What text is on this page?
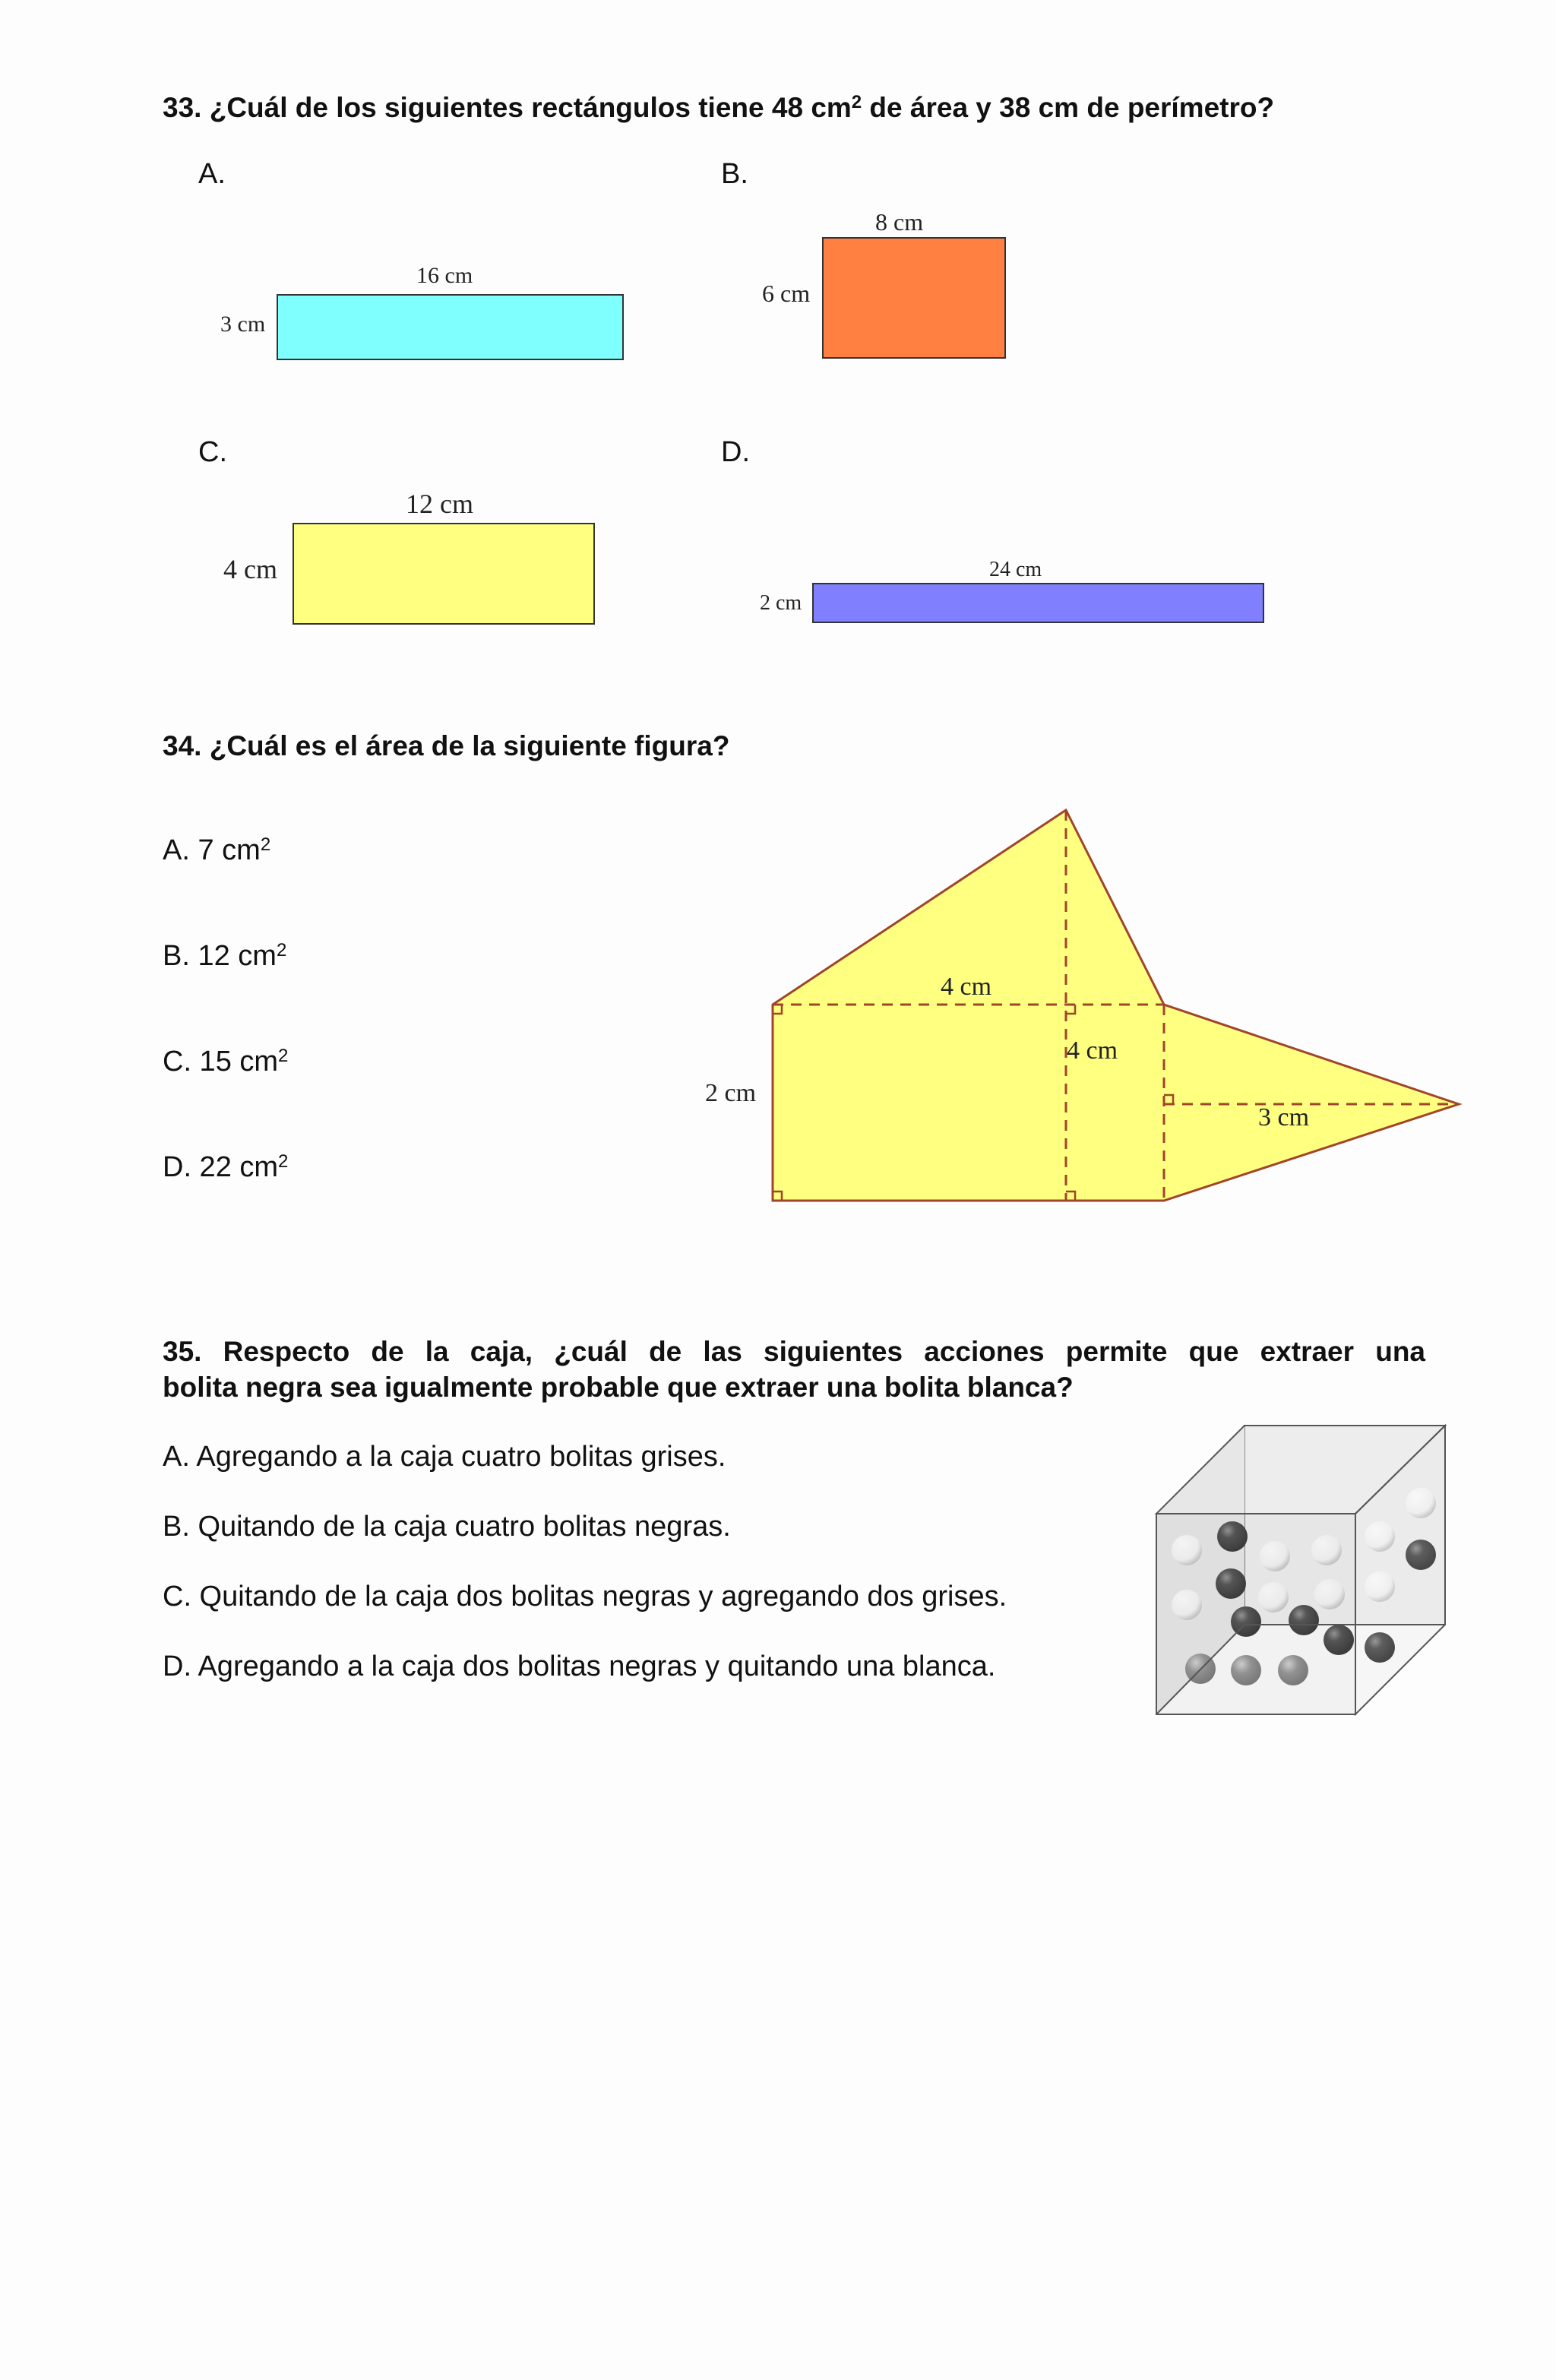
33. ¿Cuál de los siguientes rectángulos tiene 48 $cm^2$ de área y 38 cm de perímetro?
A.
16 cm
3 cm
B.
8 cm
6 cm
C.
12 cm
4 cm
D.
24 cm
2 cm
34. ¿Cuál es el área de la siguiente figura?
A. 7 $cm^2$
B. 12 $cm^2$
C. 15 $cm^2$
D. 22 $cm^2$
4 cm
4 cm
2 cm
3 cm
35. Respecto de la caja, ¿cuál de las siguientes acciones permite que extraer una
bolita negra sea igualmente probable que extraer una bolita blanca?
A. Agregando a la caja cuatro bolitas grises.
B. Quitando de la caja cuatro bolitas negras.
C. Quitando de la caja dos bolitas negras y agregando dos grises.
D. Agregando a la caja dos bolitas negras y quitando una blanca.
